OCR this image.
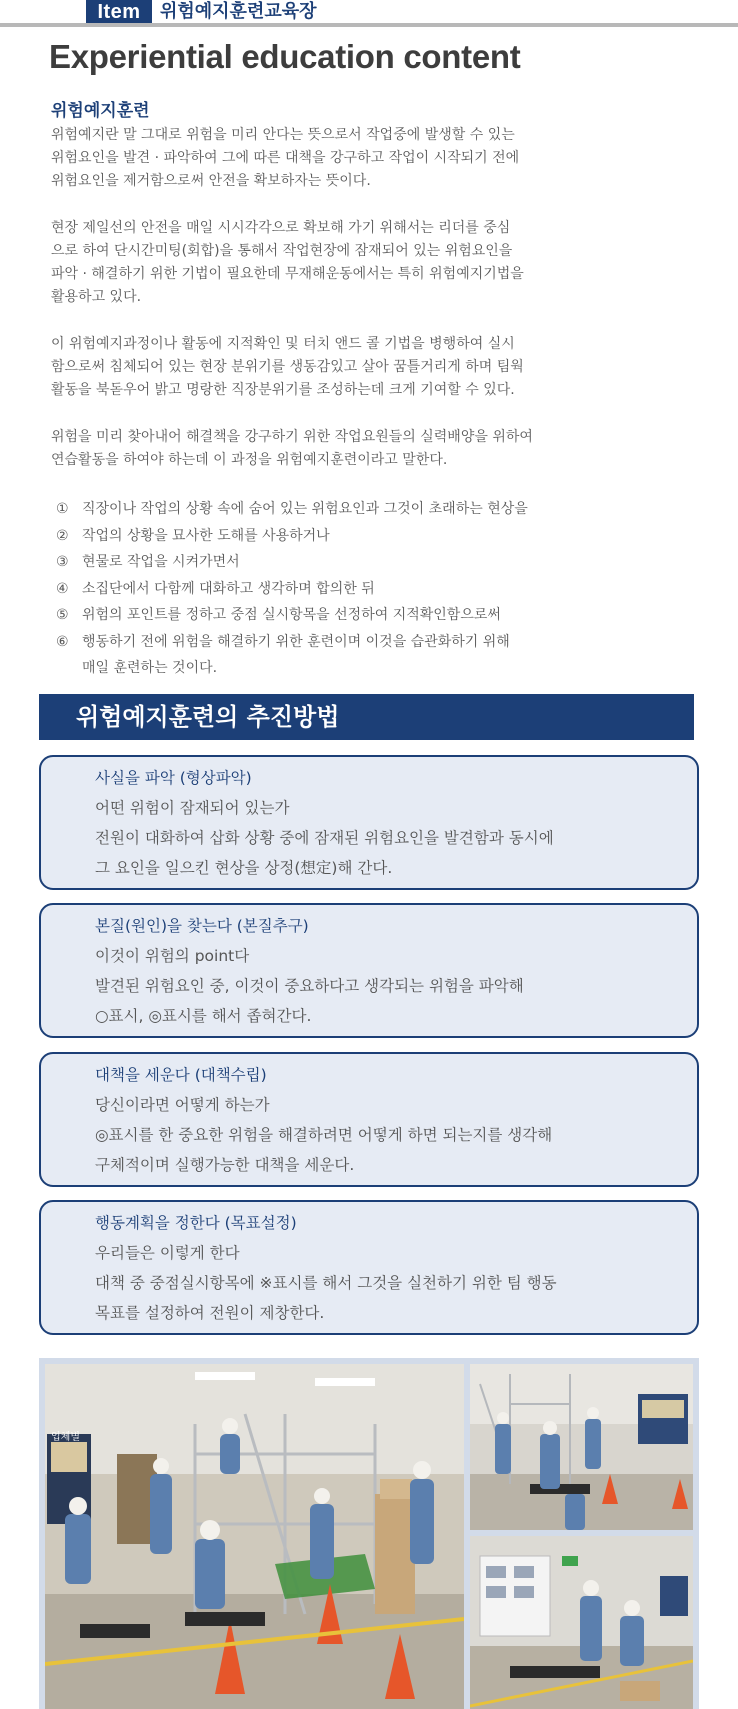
Item	위험예지훈련교육장
Experiential education content
위험예지훈련
위험예지란 말 그대로 위험을 미리 안다는 뜻으로서 작업중에 발생할 수 있는
위험요인을 발견 · 파악하여 그에 따른 대책을 강구하고 작업이 시작되기 전에
위험요인을 제거함으로써 안전을 확보하자는 뜻이다.
현장 제일선의 안전을 매일 시시각각으로 확보해 가기 위해서는 리더를 중심
으로 하여 단시간미팅(회합)을 통해서 작업현장에 잠재되어 있는 위험요인을
파악 · 해결하기 위한 기법이 필요한데 무재해운동에서는 특히 위험예지기법을
활용하고 있다.
이 위험예지과정이나 활동에 지적확인 및 터치 앤드 콜 기법을 병행하여 실시
함으로써 침체되어 있는 현장 분위기를 생동감있고 살아 꿈틀거리게 하며 팀웍
활동을 북돋우어 밝고 명랑한 직장분위기를 조성하는데 크게 기여할 수 있다.
위험을 미리 찾아내어 해결책을 강구하기 위한 작업요원들의 실력배양을 위하여
연습활동을 하여야 하는데 이 과정을 위험예지훈련이라고 말한다.
① 직장이나 작업의 상황 속에 숨어 있는 위험요인과 그것이 초래하는 현상을
② 작업의 상황을 묘사한 도해를 사용하거나
③ 현물로 작업을 시켜가면서
④ 소집단에서 다함께 대화하고 생각하며 합의한 뒤
⑤ 위험의 포인트를 정하고 중점 실시항목을 선정하여 지적확인함으로써
⑥ 행동하기 전에 위험을 해결하기 위한 훈련이며 이것을 습관화하기 위해
매일 훈련하는 것이다.
위험예지훈련의 추진방법
사실을 파악 (형상파악)
어떤 위험이 잠재되어 있는가
전원이 대화하여 삽화 상황 중에 잠재된 위험요인을 발견함과 동시에
그 요인을 일으킨 현상을 상정(想定)해 간다.
본질(원인)을 찾는다 (본질추구)
이것이 위험의 point다
발견된 위험요인 중, 이것이 중요하다고 생각되는 위험을 파악해
○표시, ◎표시를 해서 좁혀간다.
대책을 세운다 (대책수립)
당신이라면 어떻게 하는가
◎표시를 한 중요한 위험을 해결하려면 어떻게 하면 되는지를 생각해
구체적이며 실행가능한 대책을 세운다.
행동계획을 정한다 (목표설정)
우리들은 이렇게 한다
대책 중 중점실시항목에 ※표시를 해서 그것을 실천하기 위한 팀 행동
목표를 설정하여 전원이 제창한다.
업체별
